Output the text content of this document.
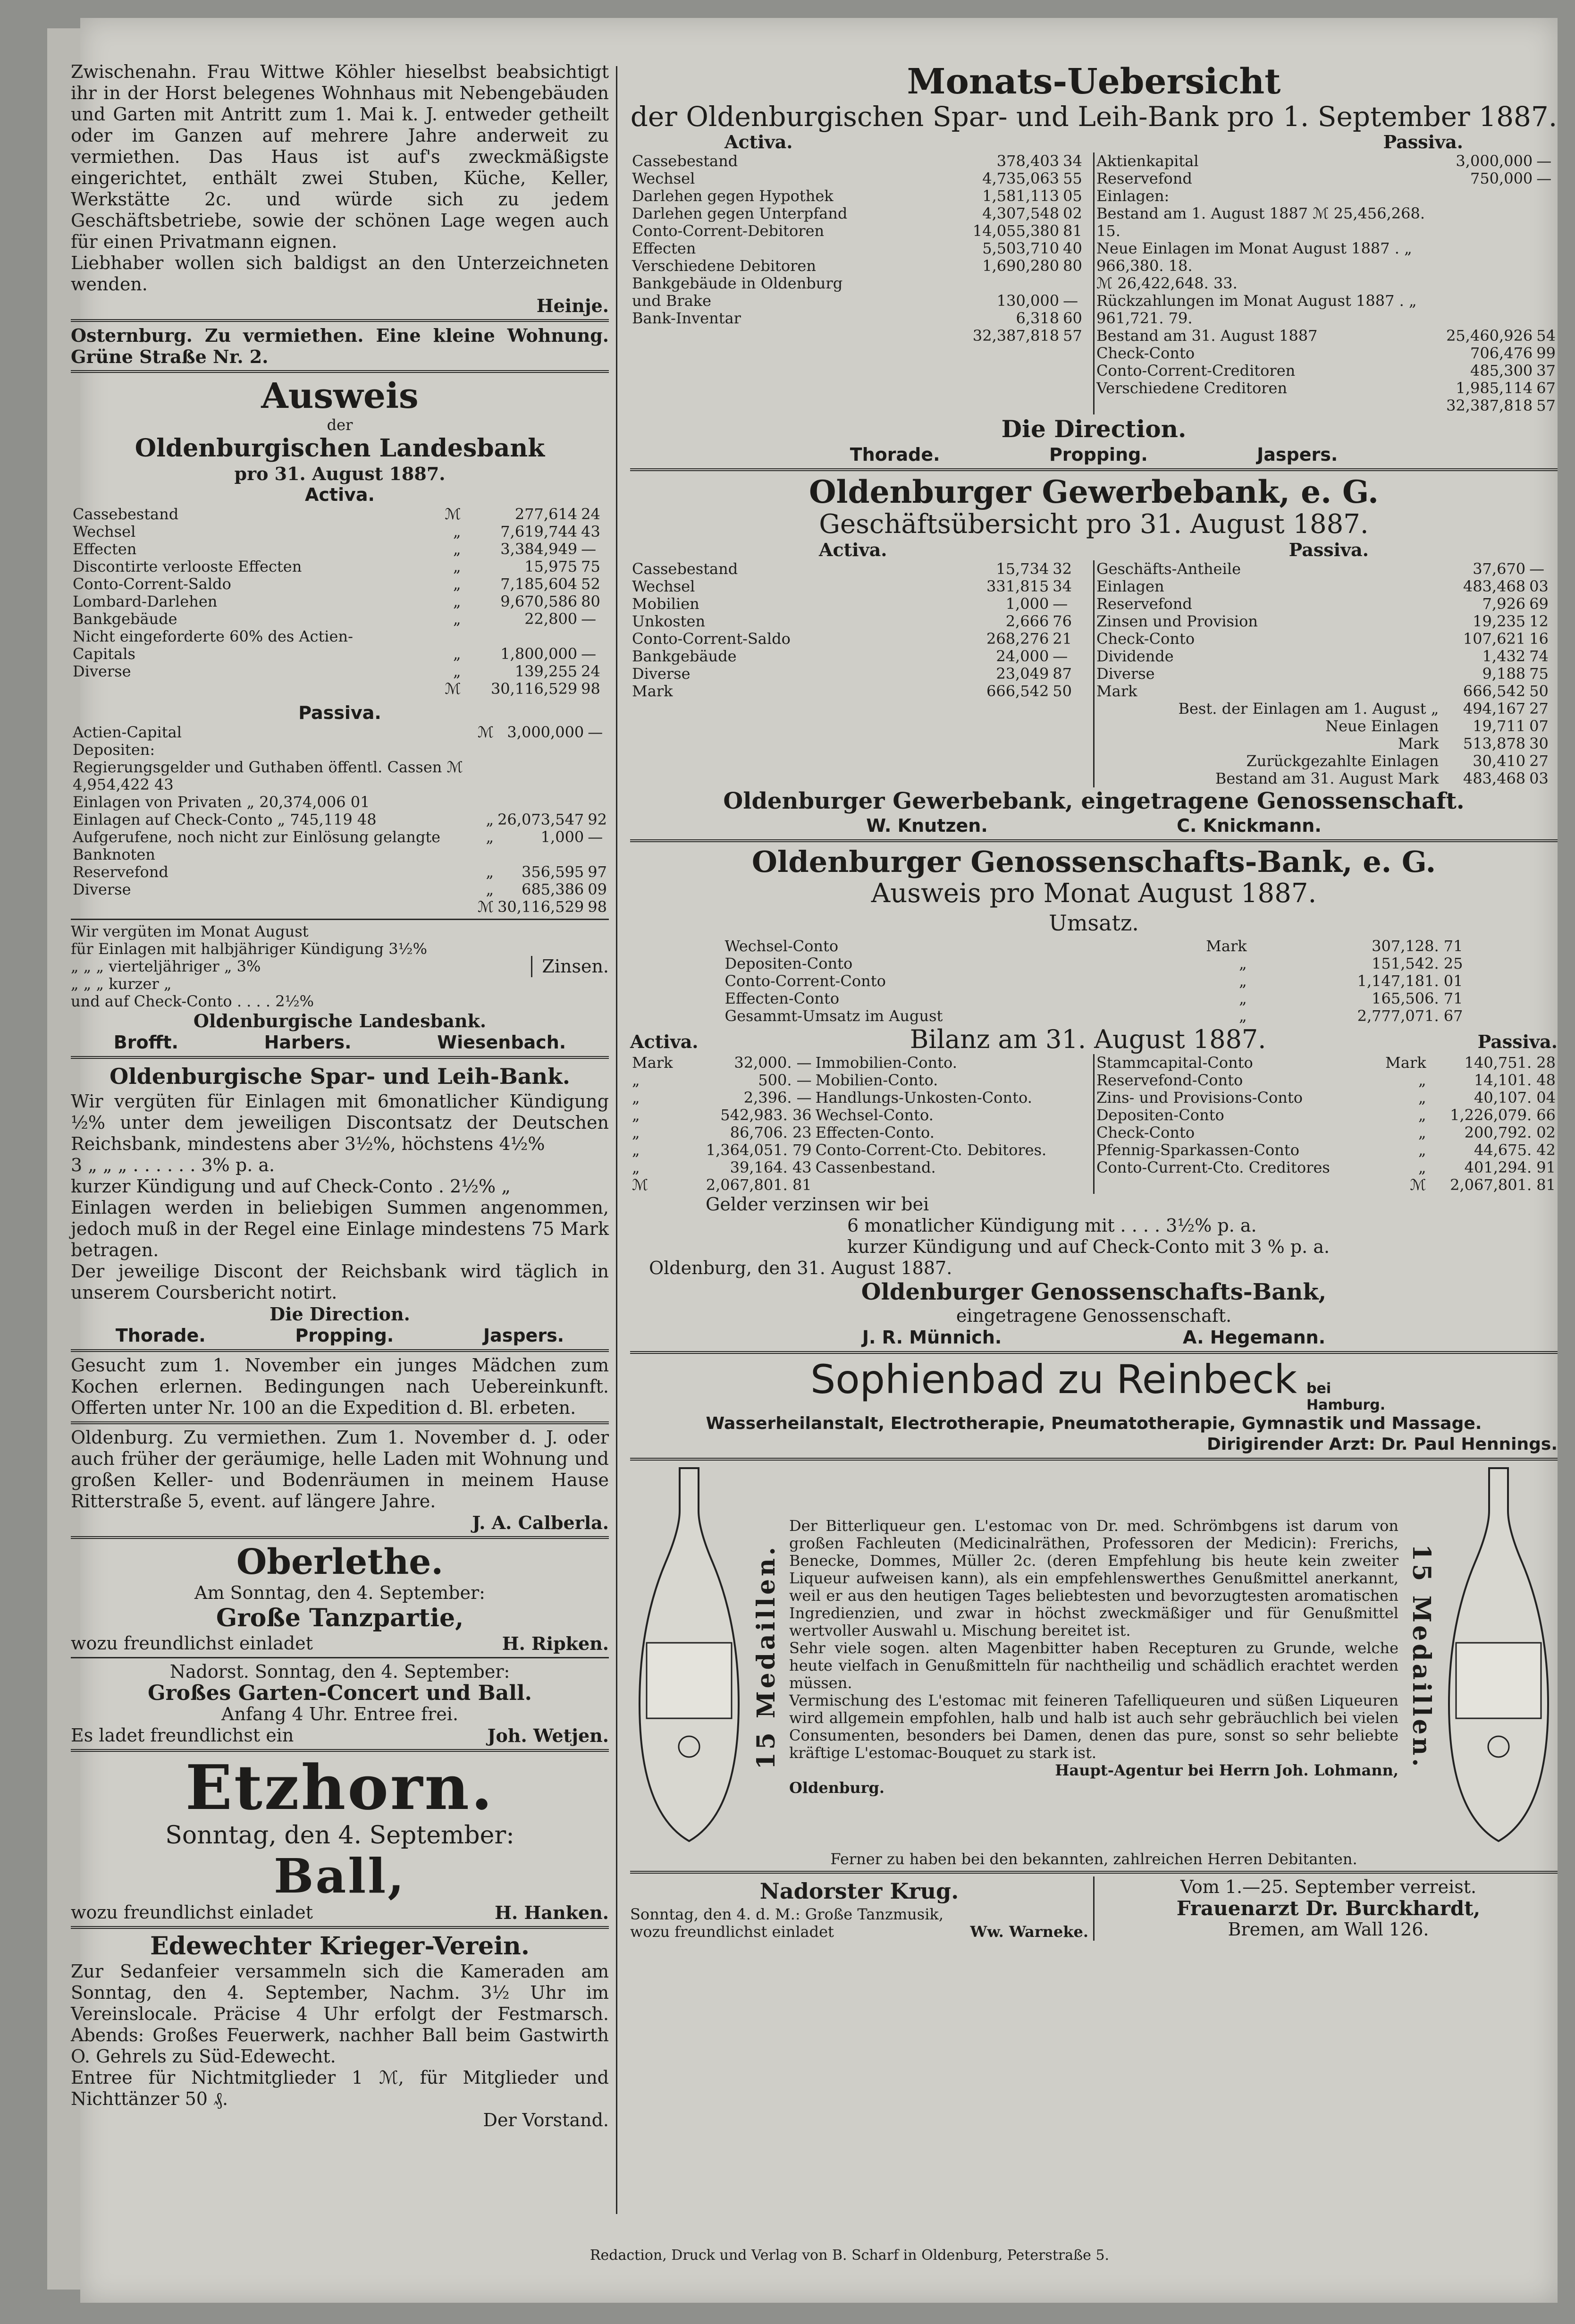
Zwischenahn. Frau Wittwe Köhler hieselbst beabsichtigt ihr in der Horst belegenes Wohnhaus mit Nebengebäuden und Garten mit Antritt zum 1. Mai k. J. entweder getheilt oder im Ganzen auf mehrere Jahre anderweit zu vermiethen. Das Haus ist auf's zweckmäßigste eingerichtet, enthält zwei Stuben, Küche, Keller, Werkstätte 2c. und würde sich zu jedem Geschäftsbetriebe, sowie der schönen Lage wegen auch für einen Privatmann eignen.

Liebhaber wollen sich baldigst an den Unterzeichneten wenden.

Heinje.

Osternburg. Zu vermiethen. Eine kleine Wohnung. Grüne Straße Nr. 2.

Ausweis

der

Oldenburgischen Landesbank

pro 31. August 1887.

Activa.

Cassebestand	ℳ	277,614	24
Wechsel	„	7,619,744	43
Effecten	„	3,384,949	—
Discontirte verlooste Effecten	„	15,975	75
Conto-Corrent-Saldo	„	7,185,604	52
Lombard-Darlehen	„	9,670,586	80
Bankgebäude	„	22,800	—
Nicht eingeforderte 60% des Actien-			
Capitals	„	1,800,000	—
Diverse	„	139,255	24
	ℳ	30,116,529	98

Passiva.

Actien-Capital	ℳ	3,000,000	—
Depositen:			
Regierungsgelder und Guthaben öffentl. Cassen ℳ 4,954,422 43			
Einlagen von Privaten „ 20,374,006 01			
Einlagen auf Check-Conto „ 745,119 48	„	26,073,547	92
Aufgerufene, noch nicht zur Einlösung gelangte Banknoten	„	1,000	—
Reservefond	„	356,595	97
Diverse	„	685,386	09
	ℳ	30,116,529	98

Wir vergüten im Monat August

für Einlagen mit halbjähriger Kündigung 3½%

„ „ „ vierteljähriger „ 3%

„ „ „ kurzer „

und auf Check-Conto . . . . 2½%

Zinsen.

Oldenburgische Landesbank.

Brofft.	Harbers.	Wiesenbach.

Oldenburgische Spar- und Leih-Bank.

Wir vergüten für Einlagen mit 6monatlicher Kündigung ½% unter dem jeweiligen Discontsatz der Deutschen Reichsbank, mindestens aber 3½%, höchstens 4½%

3 „ „ „ . . . . . . 3% p. a.

kurzer Kündigung und auf Check-Conto . 2½% „

Einlagen werden in beliebigen Summen angenommen, jedoch muß in der Regel eine Einlage mindestens 75 Mark betragen.

Der jeweilige Discont der Reichsbank wird täglich in unserem Coursbericht notirt.

Die Direction.

Thorade.	Propping.	Jaspers.

Gesucht zum 1. November ein junges Mädchen zum Kochen erlernen. Bedingungen nach Uebereinkunft. Offerten unter Nr. 100 an die Expedition d. Bl. erbeten.

Oldenburg. Zu vermiethen. Zum 1. November d. J. oder auch früher der geräumige, helle Laden mit Wohnung und großen Keller- und Bodenräumen in meinem Hause Ritterstraße 5, event. auf längere Jahre.

J. A. Calberla.

Oberlethe.

Am Sonntag, den 4. September:

Große Tanzpartie,

wozu freundlichst einladet	H. Ripken.

Nadorst. Sonntag, den 4. September:

Großes Garten-Concert und Ball.

Anfang 4 Uhr. Entree frei.

Es ladet freundlichst ein	Joh. Wetjen.

Etzhorn.

Sonntag, den 4. September:

Ball,

wozu freundlichst einladet	H. Hanken.

Edewechter Krieger-Verein.

Zur Sedanfeier versammeln sich die Kameraden am Sonntag, den 4. September, Nachm. 3½ Uhr im Vereinslocale. Präcise 4 Uhr erfolgt der Festmarsch. Abends: Großes Feuerwerk, nachher Ball beim Gastwirth O. Gehrels zu Süd-Edewecht.

Entree für Nichtmitglieder 1 ℳ, für Mitglieder und Nichttänzer 50 ₰.

Der Vorstand.

Monats-Uebersicht

der Oldenburgischen Spar- und Leih-Bank pro 1. September 1887.

Activa.	Passiva.
Cassebestand	378,403	34
Wechsel	4,735,063	55
Darlehen gegen Hypothek	1,581,113	05
Darlehen gegen Unterpfand	4,307,548	02
Conto-Corrent-Debitoren	14,055,380	81
Effecten	5,503,710	40
Verschiedene Debitoren	1,690,280	80
Bankgebäude in Oldenburg		
und Brake	130,000	—
Bank-Inventar	6,318	60
	32,387,818	57
Aktienkapital	3,000,000	—
Reservefond	750,000	—
Einlagen:		
Bestand am 1. August 1887 ℳ 25,456,268. 15.		
Neue Einlagen im Monat August 1887 . „ 966,380. 18.		
ℳ 26,422,648. 33.		
Rückzahlungen im Monat August 1887 . „ 961,721. 79.		
Bestand am 31. August 1887	25,460,926	54
Check-Conto	706,476	99
Conto-Corrent-Creditoren	485,300	37
Verschiedene Creditoren	1,985,114	67
	32,387,818	57

Die Direction.

Thorade.	Propping.	Jaspers.

Oldenburger Gewerbebank, e. G.

Geschäftsübersicht pro 31. August 1887.

Activa.	Passiva.
Cassebestand	15,734	32
Wechsel	331,815	34
Mobilien	1,000	—
Unkosten	2,666	76
Conto-Corrent-Saldo	268,276	21
Bankgebäude	24,000	—
Diverse	23,049	87
Mark	666,542	50
Geschäfts-Antheile	37,670	—
Einlagen	483,468	03
Reservefond	7,926	69
Zinsen und Provision	19,235	12
Check-Conto	107,621	16
Dividende	1,432	74
Diverse	9,188	75
Mark	666,542	50
Best. der Einlagen am 1. August „	494,167	27
Neue Einlagen	19,711	07
Mark	513,878	30
Zurückgezahlte Einlagen	30,410	27
Bestand am 31. August Mark	483,468	03

Oldenburger Gewerbebank, eingetragene Genossenschaft.

W. Knutzen.	C. Knickmann.

Oldenburger Genossenschafts-Bank, e. G.

Ausweis pro Monat August 1887.

Umsatz.

Wechsel-Conto	Mark	307,128. 71
Depositen-Conto	„	151,542. 25
Conto-Corrent-Conto	„	1,147,181. 01
Effecten-Conto	„	165,506. 71
Gesammt-Umsatz im August	„	2,777,071. 67
Activa.	Bilanz am 31. August 1887.	Passiva.
Mark	32,000. —	Immobilien-Conto.
„	500. —	Mobilien-Conto.
„	2,396. —	Handlungs-Unkosten-Conto.
„	542,983. 36	Wechsel-Conto.
„	86,706. 23	Effecten-Conto.
„	1,364,051. 79	Conto-Corrent-Cto. Debitores.
„	39,164. 43	Cassenbestand.
ℳ	2,067,801. 81	
Stammcapital-Conto	Mark	140,751. 28
Reservefond-Conto	„	14,101. 48
Zins- und Provisions-Conto	„	40,107. 04
Depositen-Conto	„	1,226,079. 66
Check-Conto	„	200,792. 02
Pfennig-Sparkassen-Conto	„	44,675. 42
Conto-Current-Cto. Creditores	„	401,294. 91
	ℳ	2,067,801. 81

Gelder verzinsen wir bei

6 monatlicher Kündigung mit . . . . 3½% p. a.

kurzer Kündigung und auf Check-Conto mit 3 % p. a.

Oldenburg, den 31. August 1887.

Oldenburger Genossenschafts-Bank,

eingetragene Genossenschaft.

J. R. Münnich.	A. Hegemann.
Sophienbad zu Reinbeck bei Hamburg.

Wasserheilanstalt, Electrotherapie, Pneumatotherapie, Gymnastik und Massage.

Dirigirender Arzt: Dr. Paul Hennings.

15 Medaillen.

Der Bitterliqueur gen. L'estomac von Dr. med. Schrömbgens ist darum von großen Fachleuten (Medicinalräthen, Professoren der Medicin): Frerichs, Benecke, Dommes, Müller 2c. (deren Empfehlung bis heute kein zweiter Liqueur aufweisen kann), als ein empfehlenswerthes Genußmittel anerkannt, weil er aus den heutigen Tages beliebtesten und bevorzugtesten aromatischen Ingredienzien, und zwar in höchst zweckmäßiger und für Genußmittel wertvoller Auswahl u. Mischung bereitet ist.

Sehr viele sogen. alten Magenbitter haben Recepturen zu Grunde, welche heute vielfach in Genußmitteln für nachtheilig und schädlich erachtet werden müssen.

Vermischung des L'estomac mit feineren Tafelliqueuren und süßen Liqueuren wird allgemein empfohlen, halb und halb ist auch sehr gebräuchlich bei vielen Consumenten, besonders bei Damen, denen das pure, sonst so sehr beliebte kräftige L'estomac-Bouquet zu stark ist.

Haupt-Agentur bei Herrn Joh. Lohmann,

Oldenburg.

15 Medaillen.

Ferner zu haben bei den bekannten, zahlreichen Herren Debitanten.

Nadorster Krug.

Sonntag, den 4. d. M.: Große Tanzmusik,

wozu freundlichst einladet	Ww. Warneke.

Vom 1.—25. September verreist.

Frauenarzt Dr. Burckhardt,

Bremen, am Wall 126.

Redaction, Druck und Verlag von B. Scharf in Oldenburg, Peterstraße 5.
